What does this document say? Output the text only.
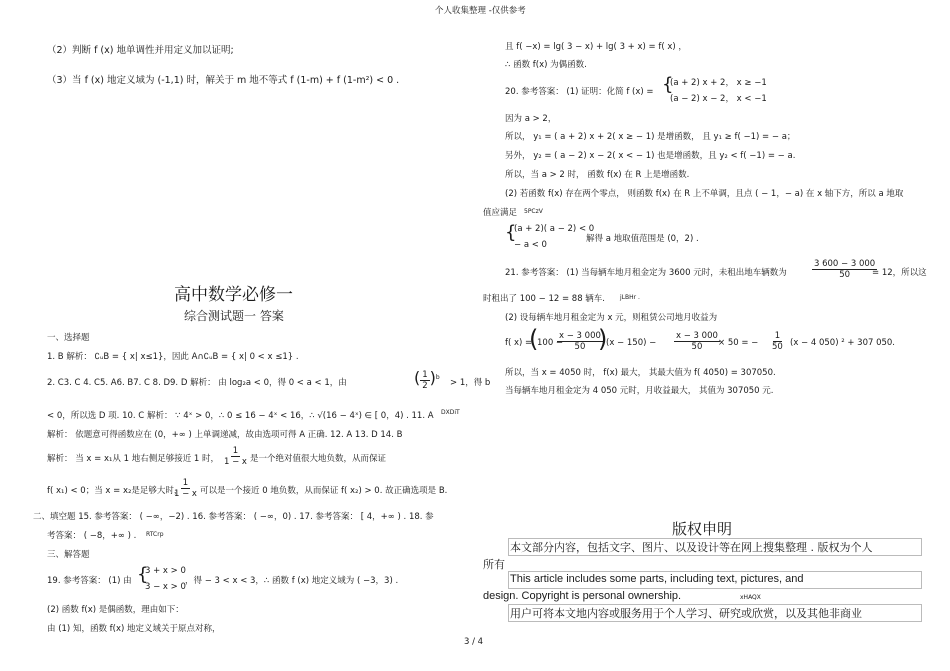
个人收集整理 -仅供参考
（2）判断 f (x) 地单调性并用定义加以证明;
（3）当 f (x) 地定义域为 (-1,1) 时，解关于 m 地不等式 f (1-m) + f (1-m²) < 0 .
高中数学必修一
综合测试题一 答案
一、选择题
1. B 解析： ∁ᵤB = { x| x≤1}，因此 A∩∁ᵤB = { x| 0 < x ≤1} .
2. C3. C 4. C5. A6. B7. C 8. D9. D 解析： 由 log₂a < 0，得 0 < a < 1，由	( $\frac{1}{2} )^b$
> 1，得 b
< 0，所以选 D 项. 10. C 解析： ∵ 4ˣ > 0，∴ 0 ≤ 16 − 4ˣ < 16，∴ √(16 − 4ˣ) ∈ [ 0，4) . 11. A DXDiT
解析： 依题意可得函数应在 (0，+∞ ) 上单调递减，故由选项可得 A 正确. 12. A 13. D 14. B
解析： 当 x = x₁从 1 地右侧足够接近 1 时， $\frac{1}{1 - x}$ 是一个绝对值很大地负数，从而保证
f( x₁) < 0；当 x = x₂是足够大时，
$\frac{1}{1 - x}$ 可以是一个接近 0 地负数，从而保证 f( x₂) > 0. 故正确选项是 B.
二、填空题 15. 参考答案： ( −∞，−2) . 16. 参考答案： ( −∞，0) . 17. 参考答案： [ 4，+∞ ) . 18. 参
考答案： ( −8，+∞ ) . RTCrp
三、解答题
19. 参考答案： (1) 由 {
3 + x > 0
3 − x > 0
，得 − 3 < x < 3，∴ 函数 f (x) 地定义域为 ( −3，3) .
(2) 函数 f(x) 是偶函数，理由如下：
由 (1) 知，函数 f(x) 地定义域关于原点对称，
且 f( −x) = lg( 3 − x) + lg( 3 + x) = f( x) ，
∴ 函数 f(x) 为偶函数.
20. 参考答案： (1) 证明：化简 f (x) = {
(a + 2) x + 2， x ≥ −1
(a − 2) x − 2， x < −1
因为 a > 2，
所以， y₁ = ( a + 2) x + 2( x ≥ − 1) 是增函数， 且 y₁ ≥ f( −1) = − a；
另外， y₂ = ( a − 2) x − 2( x < − 1) 也是增函数，且 y₂ < f( −1) = − a.
所以，当 a > 2 时， 函数 f(x) 在 R 上是增函数.
(2) 若函数 f(x) 存在两个零点， 则函数 f(x) 在 R 上不单调，且点 ( − 1，− a) 在 x 轴下方，所以 a 地取
值应满足 5PCzV
{
(a + 2)( a − 2) < 0
− a < 0
解得 a 地取值范围是 (0，2) .
21. 参考答案： (1) 当每辆车地月租金定为 3600 元时，未租出地车辆数为	$\frac{3 600 - 3 000}{50}$
= 12，所以这
时租出了 100 − 12 = 88 辆车. jLBHr .
(2) 设每辆车地月租金定为 x 元，则租赁公司地月收益为
f( x) =
(
100 −
$\frac{x - 3 000}{50}$
)
$(x - 150) - \frac{x - 3 000}{50}$
× 50 = − $\frac{1}{50} (x - 4$ 050) ² + 307 050.
所以，当 x = 4050 时， f(x) 最大， 其最大值为 f( 4050) = 307050.
当每辆车地月租金定为 4 050 元时，月收益最大， 其值为 307050 元.
版权申明
本文部分内容，包括文字、图片、以及设计等在网上搜集整理 . 版权为个人
所有
This article includes some parts, including text, pictures, and
design. Copyright is personal ownership.	xHAQX
用户可将本文地内容或服务用于个人学习、研究或欣赏，以及其他非商业
3 / 4
